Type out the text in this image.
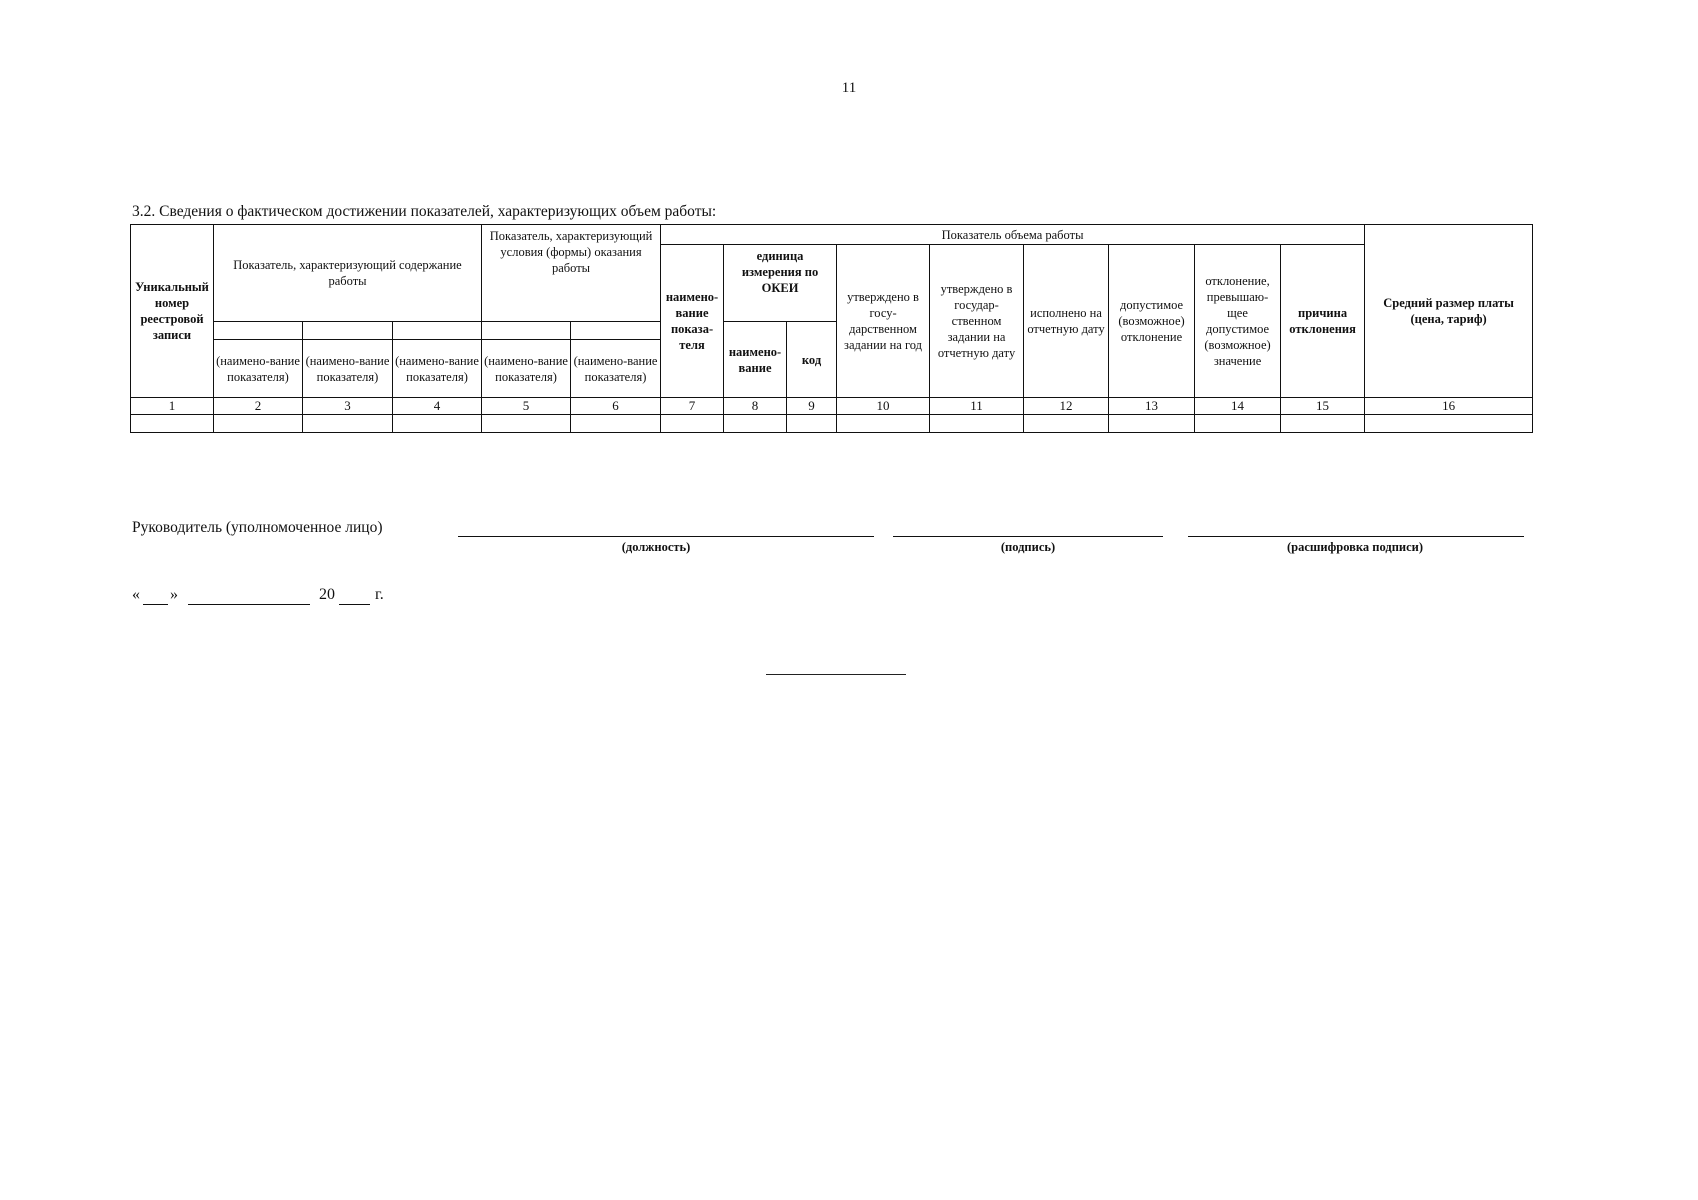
11
3.2. Сведения о фактическом достижении показателей, характеризующих объем работы:
Уникальный номер реестровой записи	Показатель, характеризующий содержание работы			Показатель, характеризующий условия (формы) оказания работы		Показатель объема работы									Средний размер платы (цена, тариф)
						наимено-вание показа-теля	единица измерения по ОКЕИ		утверждено в госу-дарственном задании на год	утверждено в государ-ственном задании на отчетную дату	исполнено на отчетную дату	допустимое (возможное) отклонение	отклонение, превышаю-щее допустимое (возможное) значение	причина отклонения	
							наимено-вание	код							
	(наимено-вание показателя)	(наимено-вание показателя)	(наимено-вание показателя)	(наимено-вание показателя)	(наимено-вание показателя)										
1	2	3	4	5	6	7	8	9	10	11	12	13	14	15	16

Руководитель (уполномоченное лицо)
(должность)	(подпись)	(расшифровка подписи)
« »	20	г.
